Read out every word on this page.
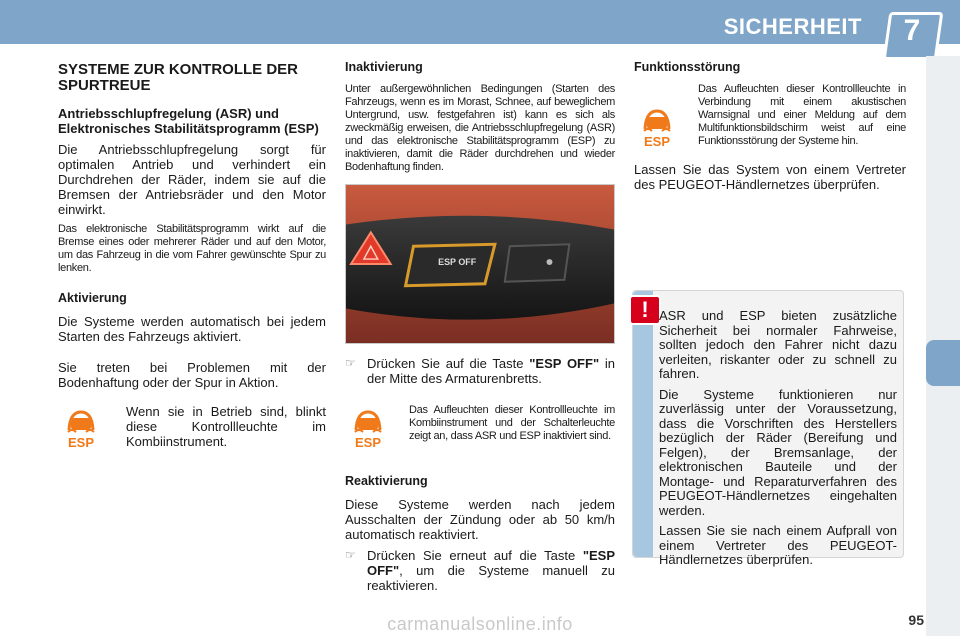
SICHERHEIT	7
SYSTEME ZUR KONTROLLE DER SPURTREUE
Antriebsschlupfregelung (ASR) und Elektronisches Stabilitätsprogramm (ESP)

Die Antriebsschlupfregelung sorgt für optimalen Antrieb und verhindert ein Durchdrehen der Räder, indem sie auf die Bremsen der Antriebsräder und den Motor einwirkt.

Das elektronische Stabilitätsprogramm wirkt auf die Bremse eines oder mehrerer Räder und auf den Motor, um das Fahrzeug in die vom Fahrer gewünschte Spur zu lenken.

Aktivierung

Die Systeme werden automatisch bei jedem Starten des Fahrzeugs aktiviert.

Sie treten bei Problemen mit der Bodenhaftung oder der Spur in Aktion.

ESP

Wenn sie in Betrieb sind, blinkt diese Kontrollleuchte im Kombiinstrument.

Inaktivierung

Unter außergewöhnlichen Bedingungen (Starten des Fahrzeugs, wenn es im Morast, Schnee, auf beweglichem Untergrund, usw. festgefahren ist) kann es sich als zweckmäßig erweisen, die Antriebsschlupfregelung (ASR) und das elektronische Stabilitätsprogramm (ESP) zu inaktivieren, damit die Räder durchdrehen und wieder Bodenhaftung finden.

ESP OFF
☞ Drücken Sie auf die Taste "ESP OFF" in der Mitte des Armaturenbretts.
ESP

Das Aufleuchten dieser Kontrollleuchte im Kombiinstrument und der Schalterleuchte zeigt an, dass ASR und ESP inaktiviert sind.

Reaktivierung

Diese Systeme werden nach jedem Ausschalten der Zündung oder ab 50 km/h automatisch reaktiviert.

☞ Drücken Sie erneut auf die Taste "ESP OFF", um die Systeme manuell zu reaktivieren.
Funktionsstörung
ESP

Das Aufleuchten dieser Kontrollleuchte in Verbindung mit einem akustischen Warnsignal und einer Meldung auf dem Multifunktionsbildschirm weist auf eine Funktionsstörung der Systeme hin.

Lassen Sie das System von einem Vertreter des PEUGEOT-Händlernetzes überprüfen.

! ASR und ESP bieten zusätzliche Sicherheit bei normaler Fahrweise, sollten jedoch den Fahrer nicht dazu verleiten, riskanter oder zu schnell zu fahren.

Die Systeme funktionieren nur zuverlässig unter der Voraussetzung, dass die Vorschriften des Herstellers bezüglich der Räder (Bereifung und Felgen), der Bremsanlage, der elektronischen Bauteile und der Montage- und Reparaturverfahren des PEUGEOT-Händlernetzes eingehalten werden.

Lassen Sie sie nach einem Aufprall von einem Vertreter des PEUGEOT-Händlernetzes überprüfen.

95
carmanualsonline.info
